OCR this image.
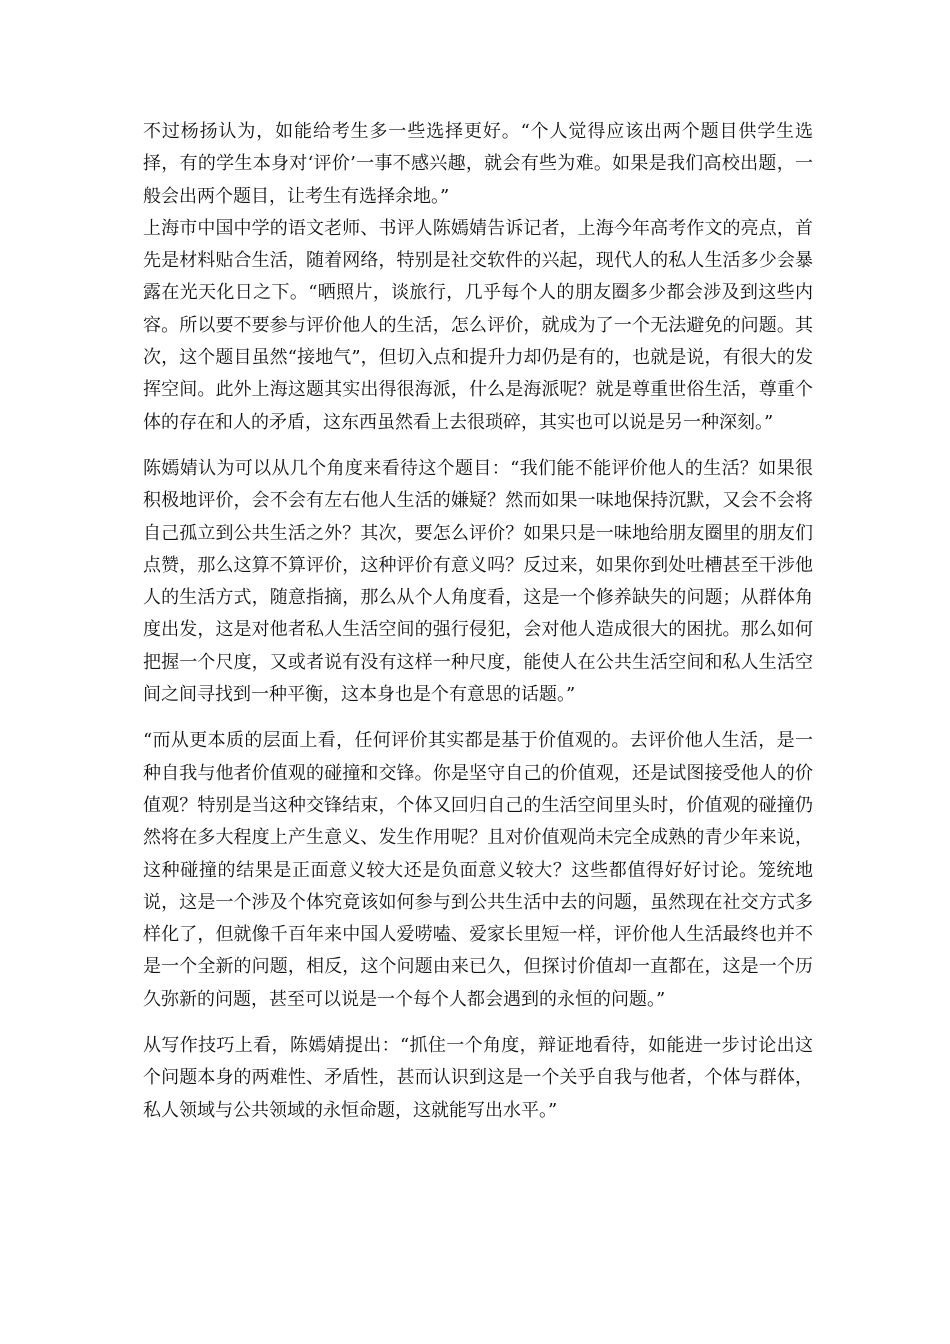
不过杨扬认为，如能给考生多一些选择更好。“个人觉得应该出两个题目供学生选择，有的学生本身对‘评价’一事不感兴趣，就会有些为难。如果是我们高校出题，一般会出两个题目，让考生有选择余地。”

上海市中国中学的语文老师、书评人陈嫣婧告诉记者，上海今年高考作文的亮点，首先是材料贴合生活，随着网络，特别是社交软件的兴起，现代人的私人生活多少会暴露在光天化日之下。“晒照片，谈旅行，几乎每个人的朋友圈多少都会涉及到这些内容。所以要不要参与评价他人的生活，怎么评价，就成为了一个无法避免的问题。其次，这个题目虽然“接地气”，但切入点和提升力却仍是有的，也就是说，有很大的发挥空间。此外上海这题其实出得很海派，什么是海派呢？就是尊重世俗生活，尊重个体的存在和人的矛盾，这东西虽然看上去很琐碎，其实也可以说是另一种深刻。”

陈嫣婧认为可以从几个角度来看待这个题目：“我们能不能评价他人的生活？如果很积极地评价，会不会有左右他人生活的嫌疑？然而如果一味地保持沉默，又会不会将自己孤立到公共生活之外？其次，要怎么评价？如果只是一味地给朋友圈里的朋友们点赞，那么这算不算评价，这种评价有意义吗？反过来，如果你到处吐槽甚至干涉他人的生活方式，随意指摘，那么从个人角度看，这是一个修养缺失的问题；从群体角度出发，这是对他者私人生活空间的强行侵犯，会对他人造成很大的困扰。那么如何把握一个尺度，又或者说有没有这样一种尺度，能使人在公共生活空间和私人生活空间之间寻找到一种平衡，这本身也是个有意思的话题。”

“而从更本质的层面上看，任何评价其实都是基于价值观的。去评价他人生活，是一种自我与他者价值观的碰撞和交锋。你是坚守自己的价值观，还是试图接受他人的价值观？特别是当这种交锋结束，个体又回归自己的生活空间里头时，价值观的碰撞仍然将在多大程度上产生意义、发生作用呢？且对价值观尚未完全成熟的青少年来说，这种碰撞的结果是正面意义较大还是负面意义较大？这些都值得好好讨论。笼统地说，这是一个涉及个体究竟该如何参与到公共生活中去的问题，虽然现在社交方式多样化了，但就像千百年来中国人爱唠嗑、爱家长里短一样，评价他人生活最终也并不是一个全新的问题，相反，这个问题由来已久，但探讨价值却一直都在，这是一个历久弥新的问题，甚至可以说是一个每个人都会遇到的永恒的问题。”

从写作技巧上看，陈嫣婧提出：“抓住一个角度，辩证地看待，如能进一步讨论出这个问题本身的两难性、矛盾性，甚而认识到这是一个关乎自我与他者，个体与群体，私人领域与公共领域的永恒命题，这就能写出水平。”
